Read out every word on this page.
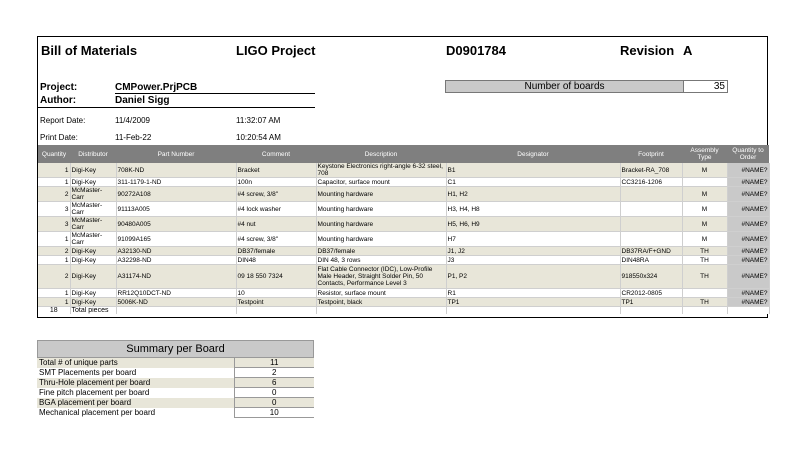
Bill of Materials	LIGO Project	D0901784	Revision A
Project:	CMPower.PrjPCB
Author:	Daniel Sigg
Report Date:	11/4/2009	11:32:07 AM
Print Date:	11-Feb-22	10:20:54 AM
Number of boards	35
Quantity	Distributor	Part Number	Comment	Description	Designator	Footprint	Assembly Type	Quantity to Order
1	Digi-Key	708K-ND	Bracket	Keystone Electronics right-angle 6-32 steel, 708	B1	Bracket-RA_708	M	#NAME?
1	Digi-Key	311-1179-1-ND	100n	Capacitor, surface mount	C1	CC3216-1206		#NAME?
2	McMaster-Carr	90272A108	#4 screw, 3/8"	Mounting hardware	H1, H2		M	#NAME?
3	McMaster-Carr	91113A005	#4 lock washer	Mounting hardware	H3, H4, H8		M	#NAME?
3	McMaster-Carr	90480A005	#4 nut	Mounting hardware	H5, H6, H9		M	#NAME?
1	McMaster-Carr	91099A165	#4 screw, 3/8"	Mounting hardware	H7		M	#NAME?
2	Digi-Key	A32130-ND	DB37/female	DB37/female	J1, J2	DB37RA/F+GND	TH	#NAME?
1	Digi-Key	A32298-ND	DIN48	DIN 48, 3 rows	J3	DIN48RA	TH	#NAME?
2	Digi-Key	A31174-ND	09 18 550 7324	Flat Cable Connector (IDC), Low-Profile Male Header, Straight Solder Pin, 50 Contacts, Performance Level 3	P1, P2	918550x324	TH	#NAME?
1	Digi-Key	RR12Q10DCT-ND	10	Resistor, surface mount	R1	CR2012-0805		#NAME?
1	Digi-Key	5006K-ND	Testpoint	Testpoint, black	TP1	TP1	TH	#NAME?
18	Total pieces							
Summary per Board
Total # of unique parts	11
SMT Placements per board	2
Thru-Hole placement per board	6
Fine pitch placement per board	0
BGA placement per board	0
Mechanical placement per board	10
